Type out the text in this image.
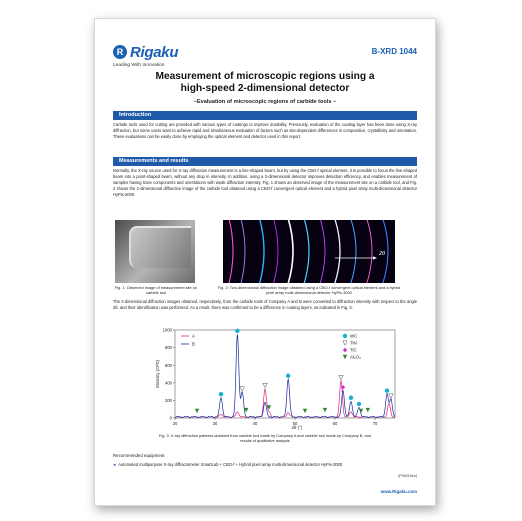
R Rigaku
Leading With Innovation
B-XRD 1044
Measurement of microscopic regions using a
high-speed 2-dimensional detector
−Evaluation of microscopic regions of carbide tools −
Introduction
Carbide tools used for cutting are provided with various types of coatings to improve durability. Previously, evaluation of the coating layer has been done using X-ray diffraction, but some users want to achieve rapid and simultaneous evaluation of factors such as site-dependent differences in composition, crystallinity and orientation. These evaluations can be easily done by employing the optical element and detector used in this report.
Measurements and results
Normally, the X-ray source used for X-ray diffraction measurement is a line-shaped beam, but by using the CBO-f optical element, it is possible to focus the line-shaped beam into a point-shaped beam, without any drop in intensity. In addition, using a 2-dimensional detector improves detection efficiency, and enables measurement of samples having trace components and orientations with weak diffraction intensity. Fig. 1 shows an observed image of the measurement site on a carbide tool, and Fig. 2 shows the 2-dimensional diffraction image of the carbide tool obtained using a CBO-f convergent optical element and a hybrid pixel array multi-dimensional detector HyPix-3000.
2θ
Fig. 1: Observed image of measurement site on carbide tool
Fig. 2: Two-dimensional diffraction image obtained using a CBO-f convergent optical element and a hybrid pixel array multi-dimensional detector HyPix-3000
The 2-dimensional diffraction images obtained, respectively, from the carbide tools of Company A and B were converted to diffraction intensity with respect to the angle 2θ, and their identification was performed. As a result, there was confirmed to be a difference in coating layers, as indicated in Fig. 3.
0
200
400
600
800
1000
20	30	40	50	60	70
2θ (°)
Intensity (CPS)
A
B
WC
TiN
TiC
Al₂O₃
Fig. 3: X-ray diffraction patterns obtained from carbide tool made by Company A and carbide tool made by Company B, and results of qualitative analysis
Recommended equipment
► Automated multipurpose X-ray diffractometer SmartLab + CBO-f + Hybrid pixel array multi-dimensional detector HyPix-3000
(P00019en)
www.Rigaku.com
